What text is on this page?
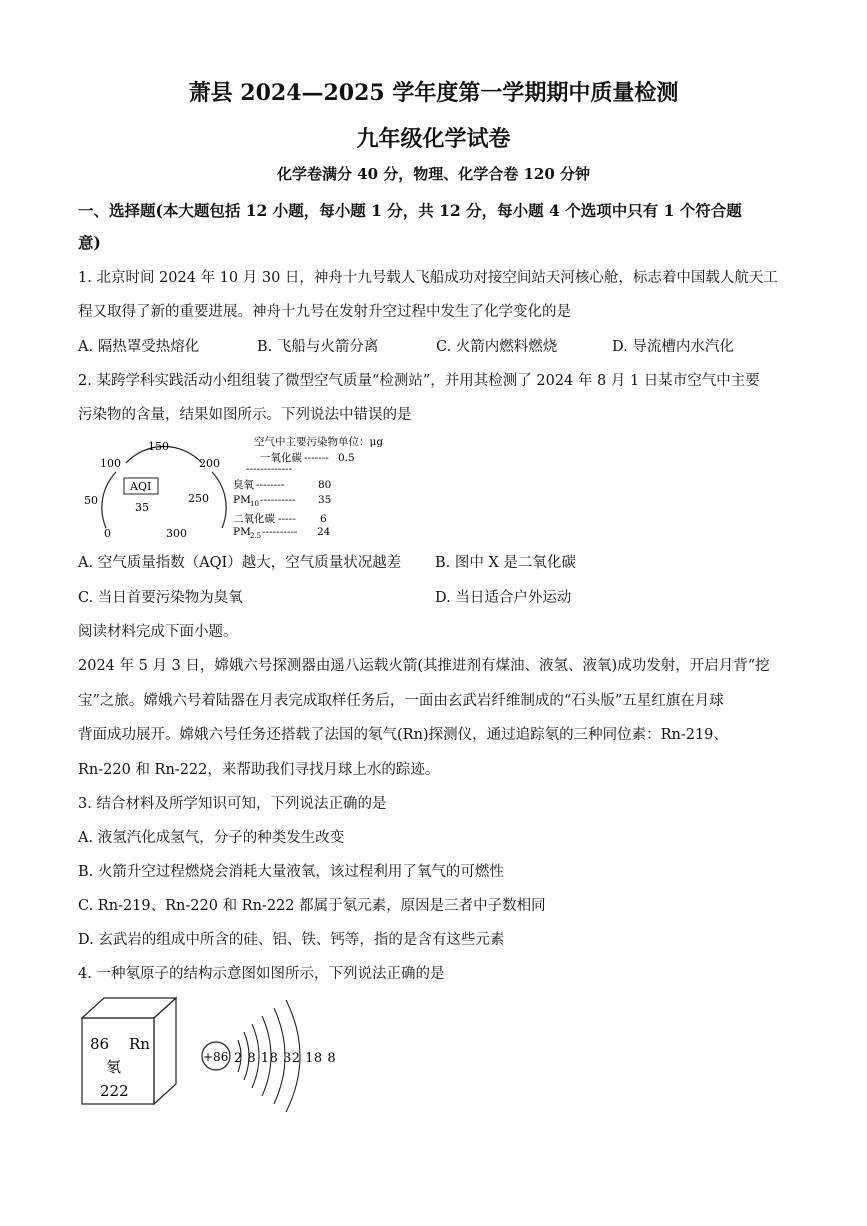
萧县 2024—2025 学年度第一学期期中质量检测
九年级化学试卷
化学卷满分 40 分，物理、化学合卷 120 分钟
一、选择题(本大题包括 12 小题，每小题 1 分，共 12 分，每小题 4 个选项中只有 1 个符合题
意)
1. 北京时间 2024 年 10 月 30 日，神舟十九号载人飞船成功对接空间站天河核心舱，标志着中国载人航天工
程又取得了新的重要进展。神舟十九号在发射升空过程中发生了化学变化的是
A. 隔热罩受热熔化	B. 飞船与火箭分离	C. 火箭内燃料燃烧	D. 导流槽内水汽化
2. 某跨学科实践活动小组组装了微型空气质量“检测站”，并用其检测了 2024 年 8 月 1 日某市空气中主要
污染物的含量，结果如图所示。下列说法中错误的是
50
100
150
200
250
300
0
AQI
35
空气中主要污染物单位：μg
一氧化碳 ------- 0.5
-------------
臭氧 --------	80
PM 10 ---------- 35
二氧化碳 ----- 6
PM 2.5 ---------- 24
A. 空气质量指数（AQI）越大，空气质量状况越差 B. 图中 X 是二氧化碳
C. 当日首要污染物为臭氧	D. 当日适合户外运动
阅读材料完成下面小题。
2024 年 5 月 3 日，嫦娥六号探测器由遥八运载火箭(其推进剂有煤油、液氢、液氧)成功发射，开启月背“挖
宝”之旅。嫦娥六号着陆器在月表完成取样任务后，一面由玄武岩纤维制成的“石头版”五星红旗在月球
背面成功展开。嫦娥六号任务还搭载了法国的氡气(Rn)探测仪，通过追踪氡的三种同位素：Rn-219、
Rn-220 和 Rn-222，来帮助我们寻找月球上水的踪迹。
3. 结合材料及所学知识可知，下列说法正确的是
A. 液氢汽化成氢气，分子的种类发生改变
B. 火箭升空过程燃烧会消耗大量液氧，该过程利用了氧气的可燃性
C. Rn-219、Rn-220 和 Rn-222 都属于氡元素，原因是三者中子数相同
D. 玄武岩的组成中所含的硅、铝、铁、钙等，指的是含有这些元素
4. 一种氡原子的结构示意图如图所示，下列说法正确的是
86 Rn
氡
222
+86 2 8 18 32 18 8
